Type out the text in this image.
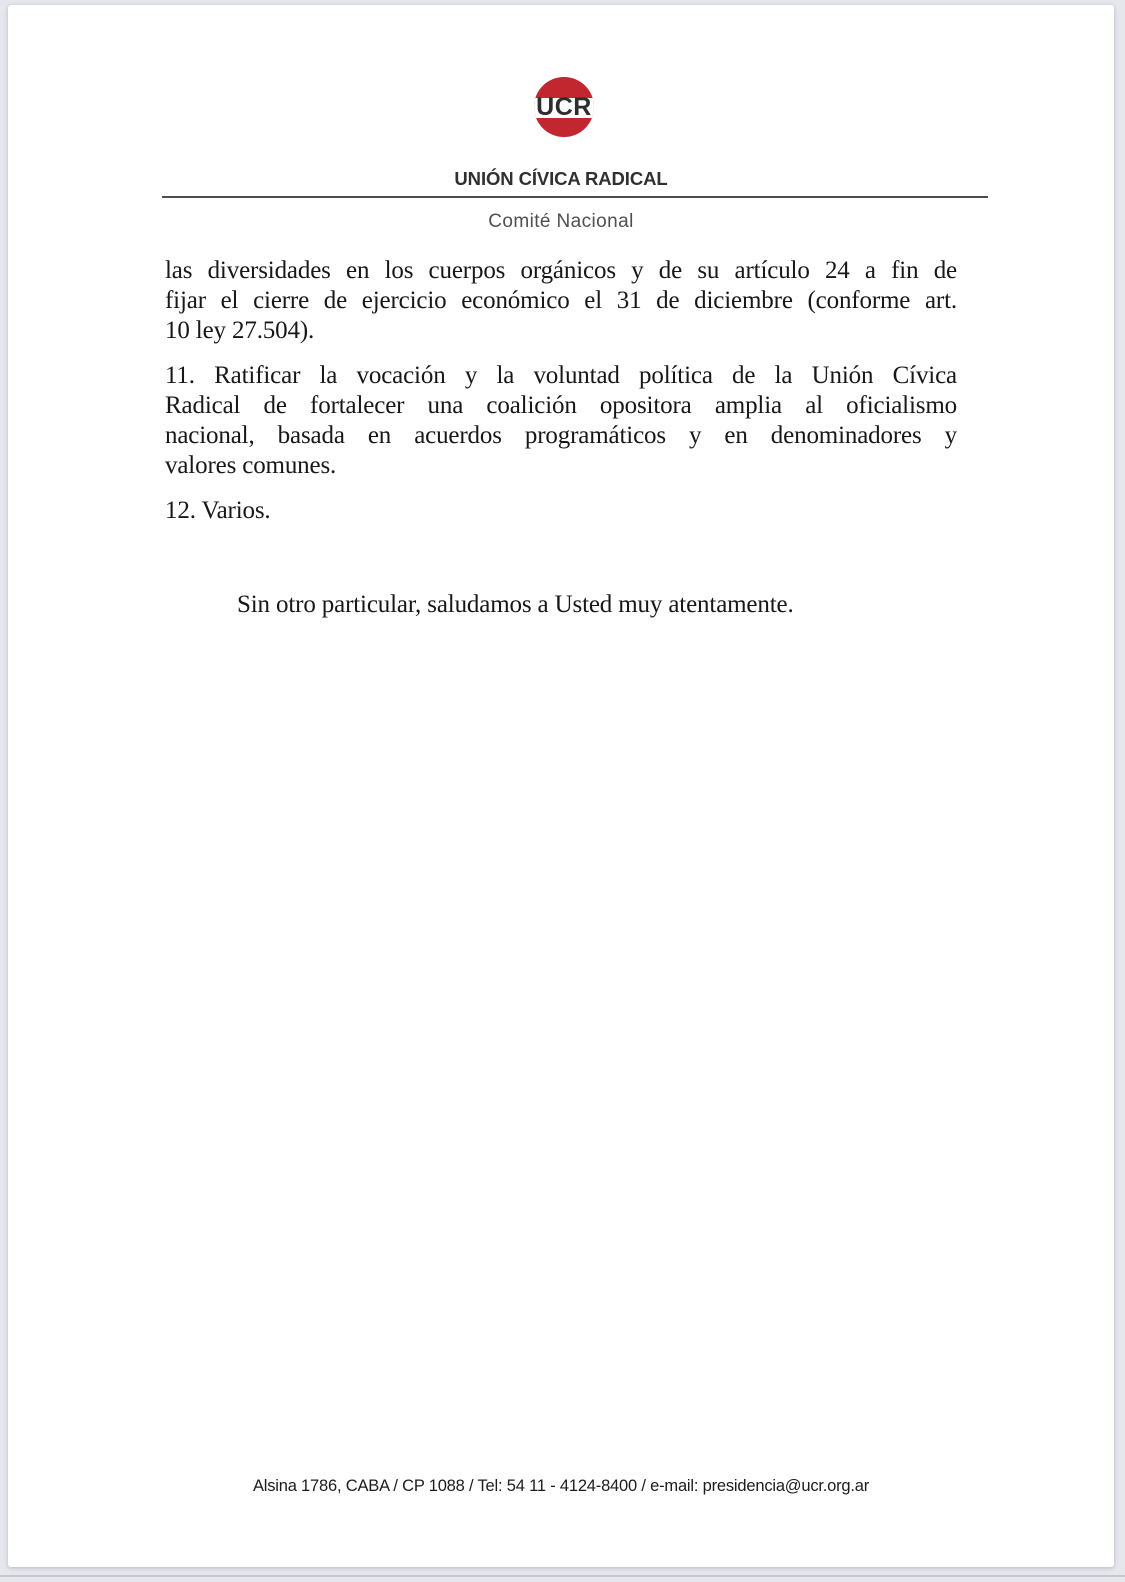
UCR
UNIÓN CÍVICA RADICAL
Comité Nacional
las diversidades en los cuerpos orgánicos y de su artículo 24 a fin de
fijar el cierre de ejercicio económico el 31 de diciembre (conforme art.
10 ley 27.504).
11. Ratificar la vocación y la voluntad política de la Unión Cívica
Radical de fortalecer una coalición opositora amplia al oficialismo
nacional, basada en acuerdos programáticos y en denominadores y
valores comunes.
12. Varios.
Sin otro particular, saludamos a Usted muy atentamente.
Alsina 1786, CABA / CP 1088 / Tel: 54 11 - 4124-8400 / e-mail: presidencia@ucr.org.ar
